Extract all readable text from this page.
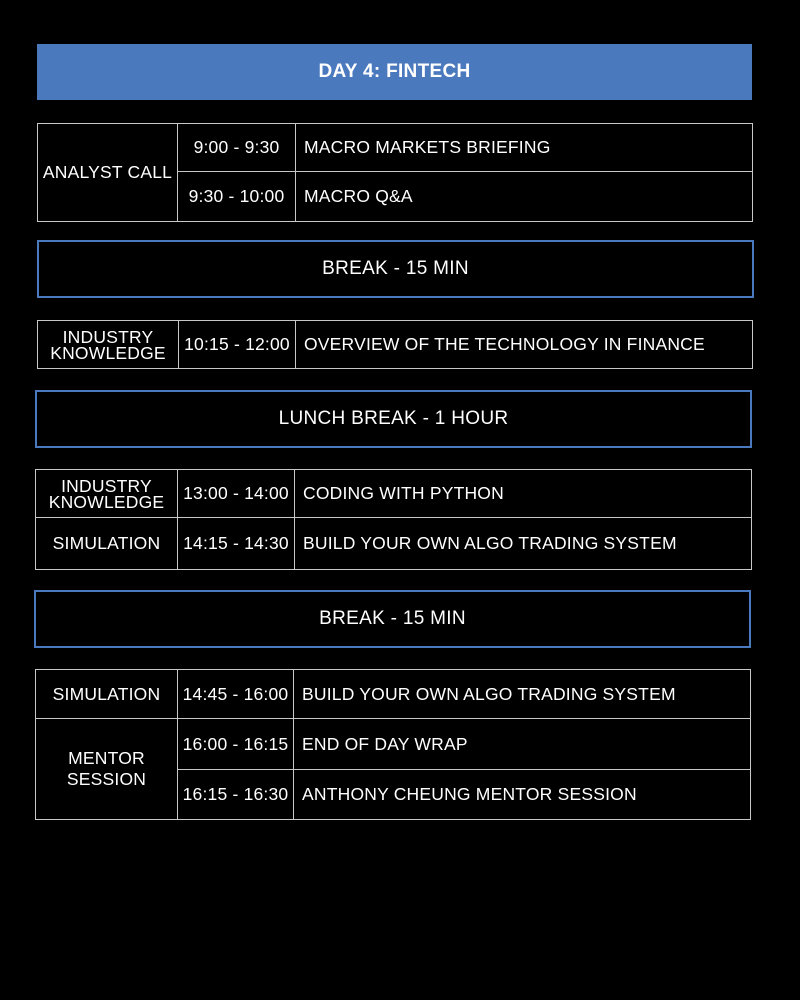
DAY 4: FINTECH
ANALYST CALL	9:00 - 9:30	MACRO MARKETS BRIEFING
	9:30 - 10:00	MACRO Q&A
BREAK - 15 MIN
INDUSTRY KNOWLEDGE	10:15 - 12:00	OVERVIEW OF THE TECHNOLOGY IN FINANCE
LUNCH BREAK - 1 HOUR
INDUSTRY KNOWLEDGE	13:00 - 14:00	CODING WITH PYTHON
SIMULATION	14:15 - 14:30	BUILD YOUR OWN ALGO TRADING SYSTEM
BREAK - 15 MIN
SIMULATION	14:45 - 16:00	BUILD YOUR OWN ALGO TRADING SYSTEM
MENTOR SESSION	16:00 - 16:15	END OF DAY WRAP
	16:15 - 16:30	ANTHONY CHEUNG MENTOR SESSION
